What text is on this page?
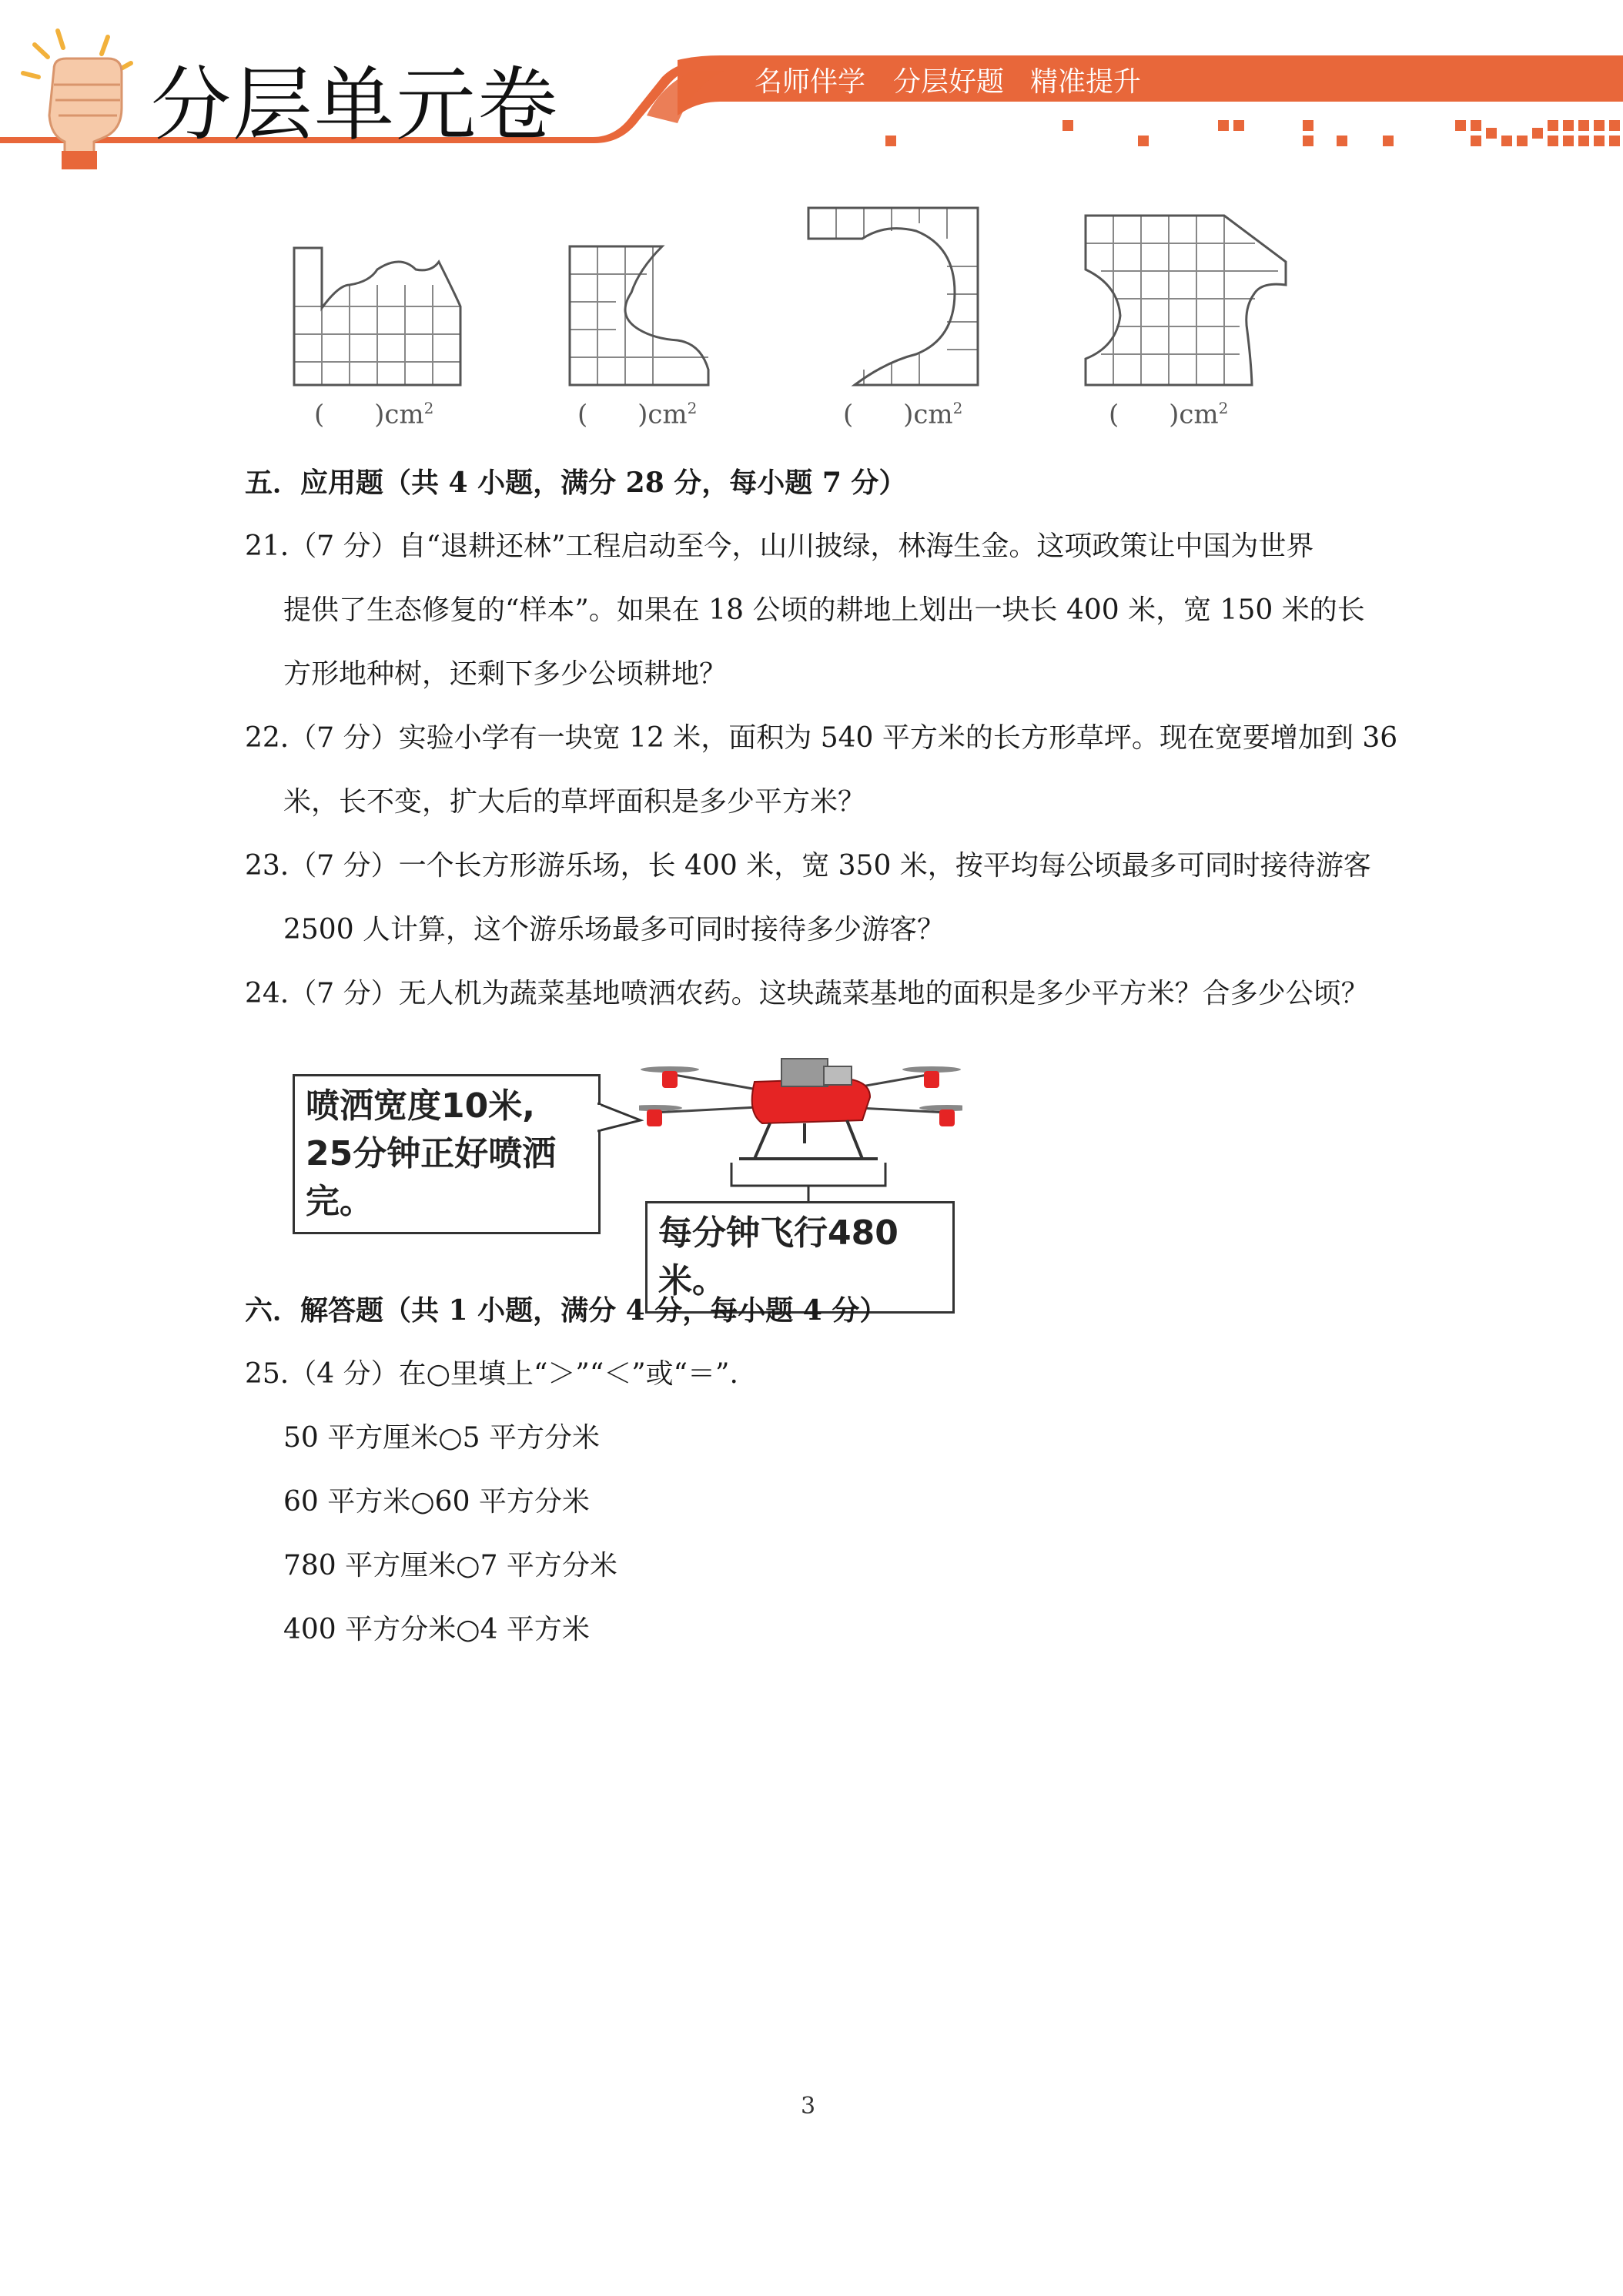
分层单元卷	名师伴学 分层好题 精准提升
( )$cm^2$	( )$cm^2$	( )$cm^2$	( )$cm^2$
五．应用题（共 4 小题，满分 28 分，每小题 7 分）
21.（7 分）自“退耕还林”工程启动至今，山川披绿，林海生金。这项政策让中国为世界
提供了生态修复的“样本”。如果在 18 公顷的耕地上划出一块长 400 米，宽 150 米的长
方形地种树，还剩下多少公顷耕地？
22.（7 分）实验小学有一块宽 12 米，面积为 540 平方米的长方形草坪。现在宽要增加到 36
米，长不变，扩大后的草坪面积是多少平方米？
23.（7 分）一个长方形游乐场，长 400 米，宽 350 米，按平均每公顷最多可同时接待游客
2500 人计算，这个游乐场最多可同时接待多少游客？
24.（7 分）无人机为蔬菜基地喷洒农药。这块蔬菜基地的面积是多少平方米？合多少公顷？
喷洒宽度10米,
25分钟正好喷洒完。
每分钟飞行480米。
六．解答题（共 1 小题，满分 4 分，每小题 4 分）
25.（4 分）在○里填上“＞”“＜”或“＝”.
50 平方厘米○5 平方分米
60 平方米○60 平方分米
780 平方厘米○7 平方分米
400 平方分米○4 平方米
3
